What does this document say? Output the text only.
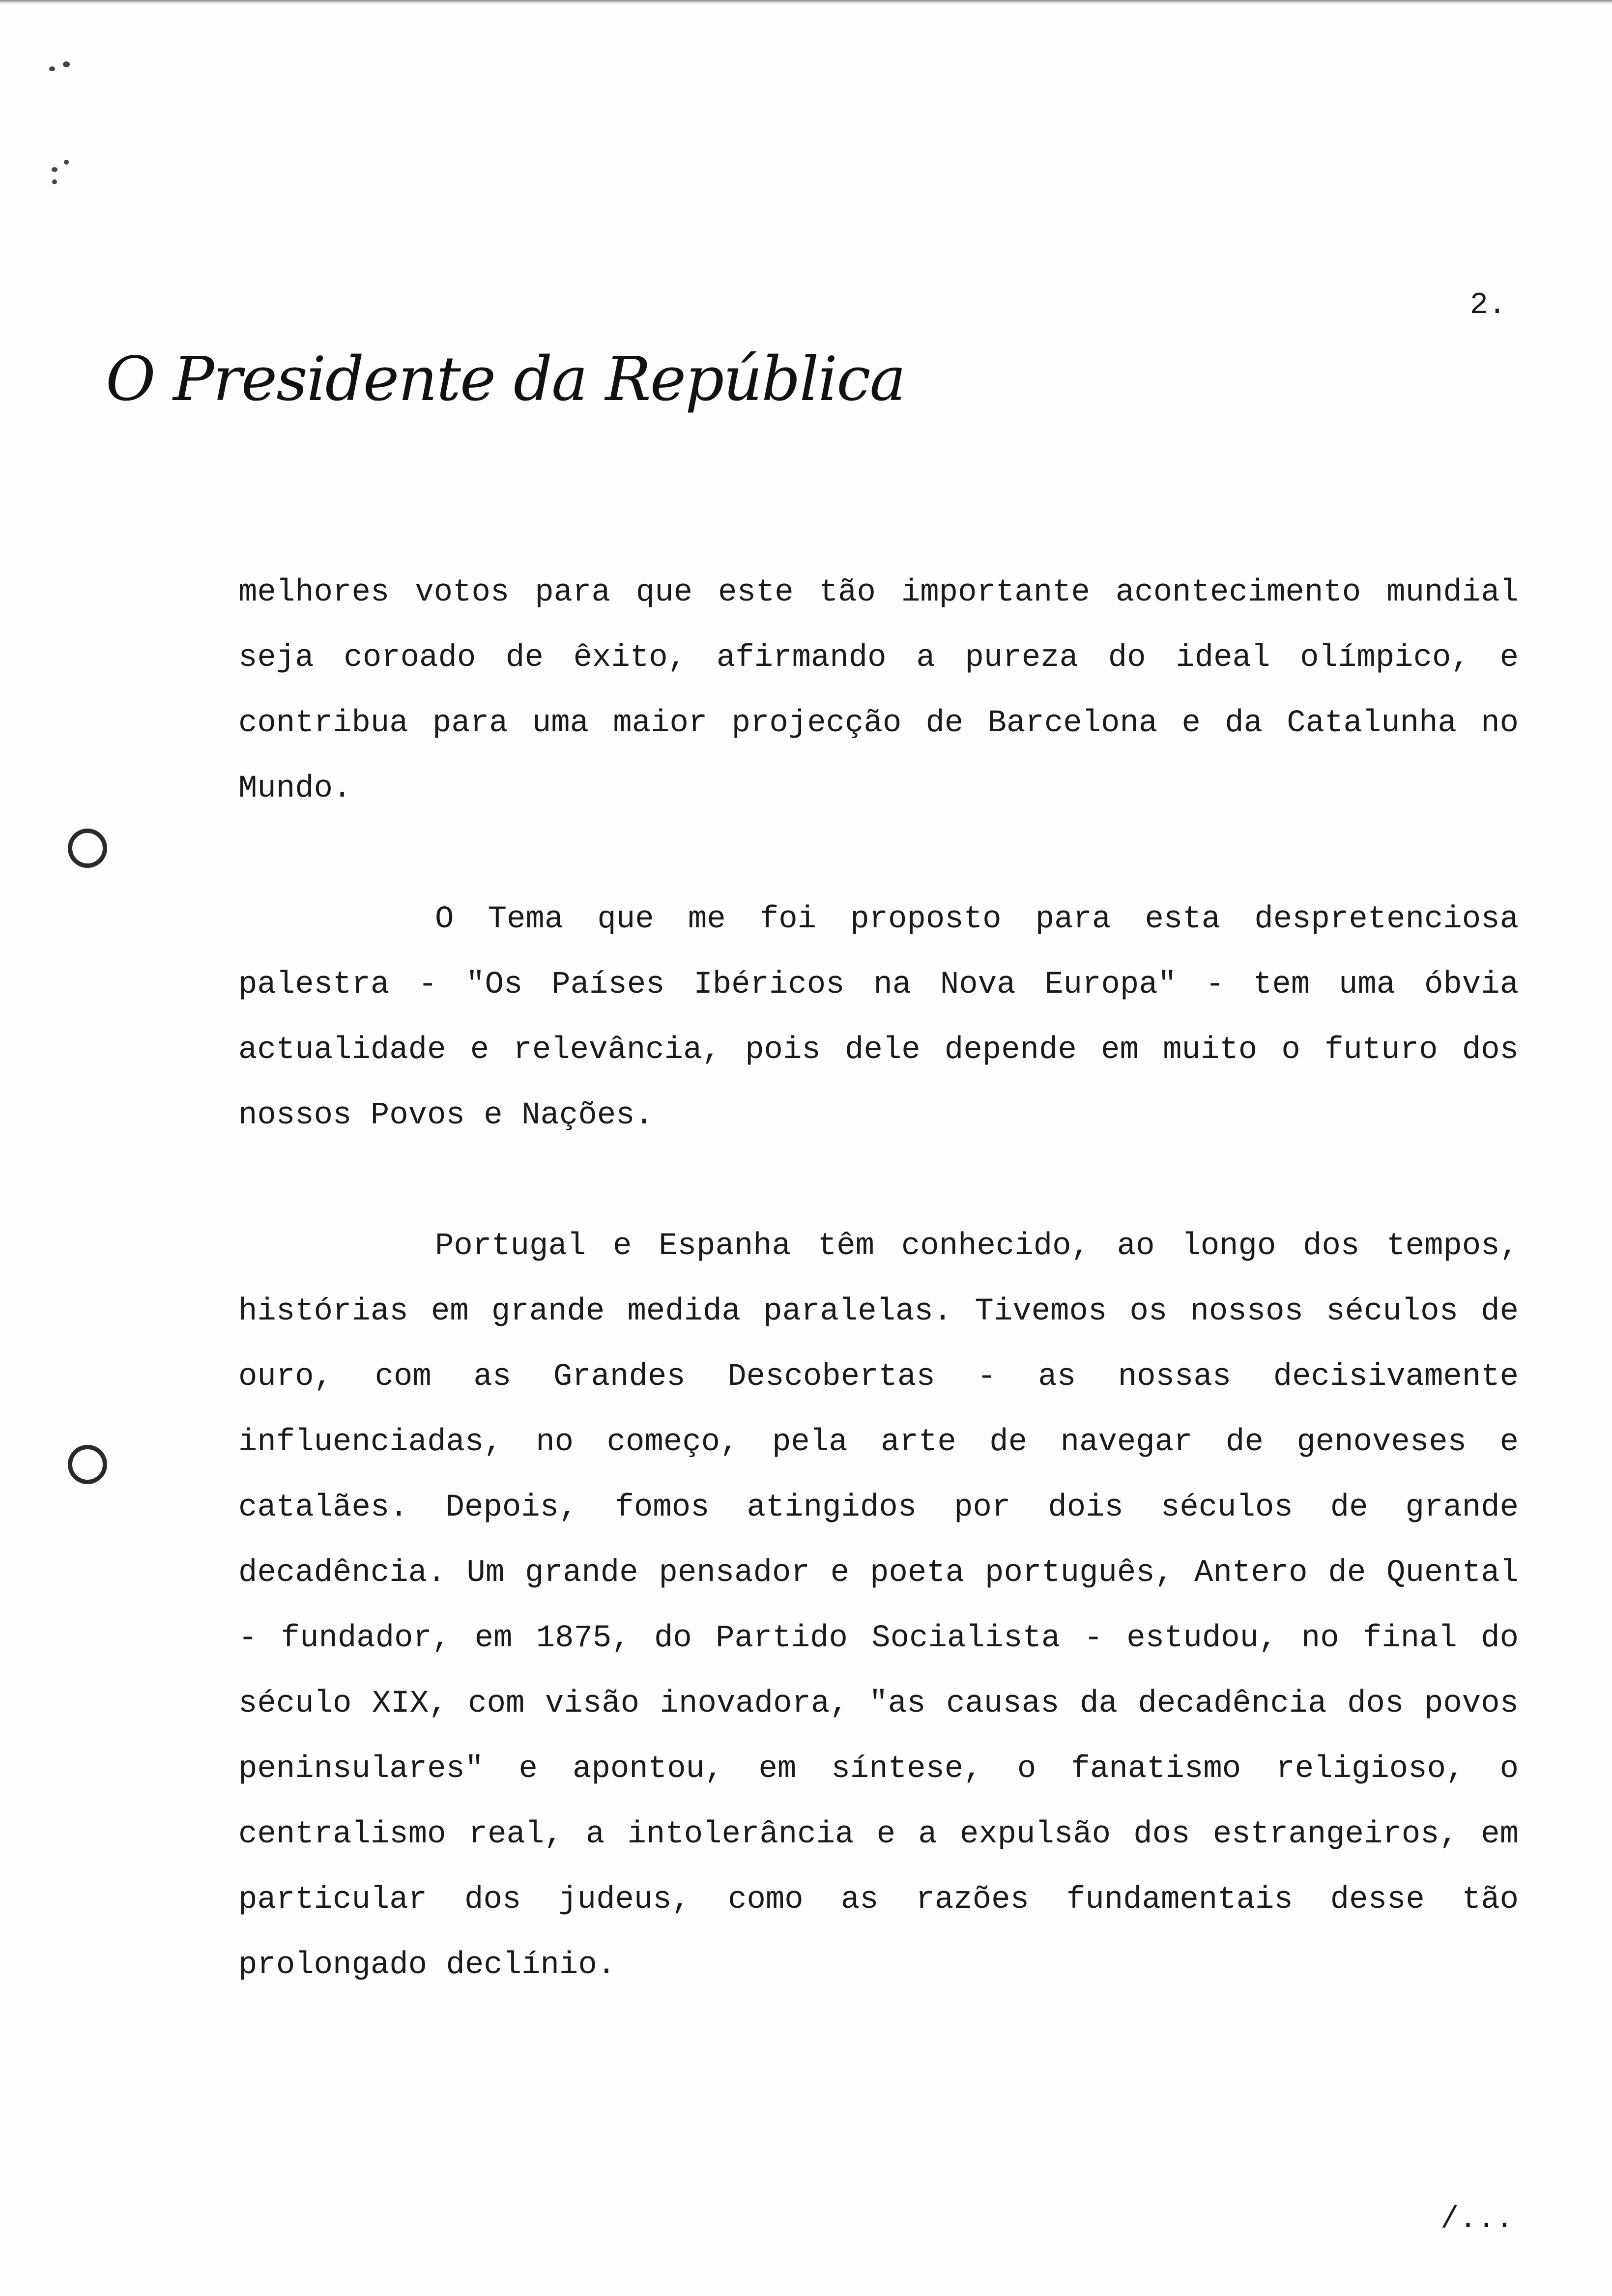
2.
O Presidente da República

melhores votos para que este tão importante acontecimento mundial seja coroado de êxito, afirmando a pureza do ideal olímpico, e contribua para uma maior projecção de Barcelona e da Catalunha no Mundo.

O Tema que me foi proposto para esta despretenciosa palestra - "Os Países Ibéricos na Nova Europa" - tem uma óbvia actualidade e relevância, pois dele depende em muito o futuro dos nossos Povos e Nações.

Portugal e Espanha têm conhecido, ao longo dos tempos, histórias em grande medida paralelas. Tivemos os nossos séculos de ouro, com as Grandes Descobertas - as nossas decisivamente influenciadas, no começo, pela arte de navegar de genoveses e catalães. Depois, fomos atingidos por dois séculos de grande decadência. Um grande pensador e poeta português, Antero de Quental - fundador, em 1875, do Partido Socialista - estudou, no final do século XIX, com visão inovadora, "as causas da decadência dos povos peninsulares" e apontou, em síntese, o fanatismo religioso, o centralismo real, a intolerância e a expulsão dos estrangeiros, em particular dos judeus, como as razões fundamentais desse tão prolongado declínio.

/...
